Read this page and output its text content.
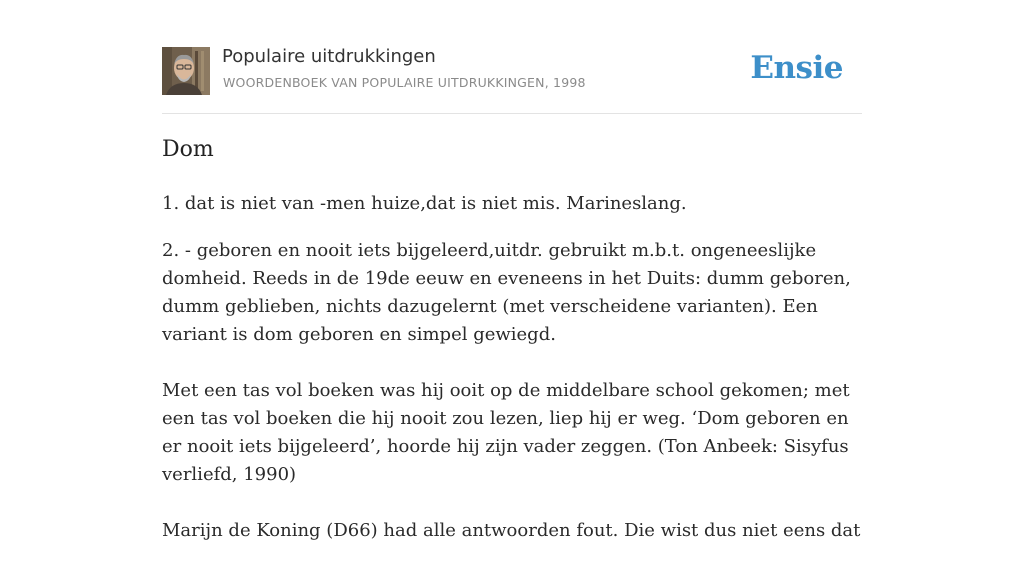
Populaire uitdrukkingen
WOORDENBOEK VAN POPULAIRE UITDRUKKINGEN, 1998	Ensie
Dom

1. dat is niet van -men huize,dat is niet mis. Marineslang.

2. - geboren en nooit iets bijgeleerd,uitdr. gebruikt m.b.t. ongeneeslijke domheid. Reeds in de 19de eeuw en eveneens in het Duits: dumm geboren, dumm geblieben, nichts dazugelernt (met verscheidene varianten). Een variant is dom geboren en simpel gewiegd.

Met een tas vol boeken was hij ooit op de middelbare school gekomen; met een tas vol boeken die hij nooit zou lezen, liep hij er weg. ‘Dom geboren en er nooit iets bijgeleerd’, hoorde hij zijn vader zeggen. (Ton Anbeek: Sisyfus verliefd, 1990)

Marijn de Koning (D66) had alle antwoorden fout. Die wist dus niet eens dat
